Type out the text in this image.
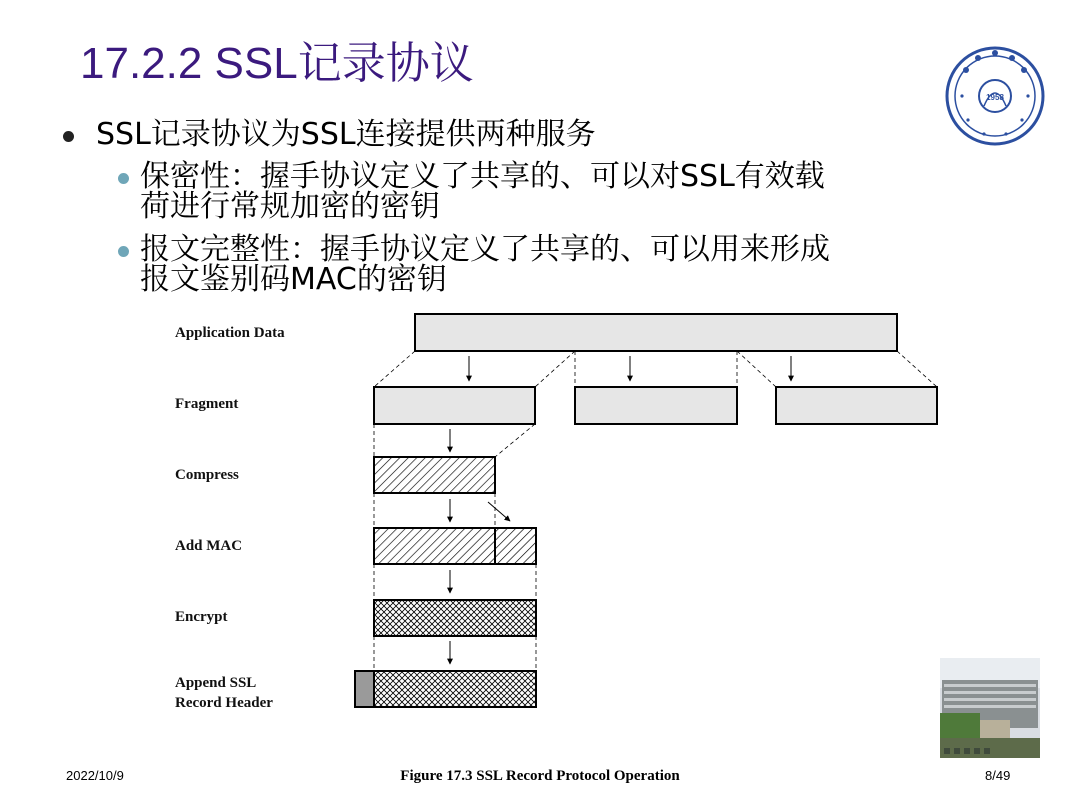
17.2.2 SSL记录协议
1958
SSL记录协议为SSL连接提供两种服务
保密性：握手协议定义了共享的、可以对SSL有效载
荷进行常规加密的密钥
报文完整性：握手协议定义了共享的、可以用来形成
报文鉴别码MAC的密钥
Application Data
Fragment
Compress
Add MAC
Encrypt
Append SSL
Record Header
2022/10/9	Figure 17.3 SSL Record Protocol Operation	8/49
